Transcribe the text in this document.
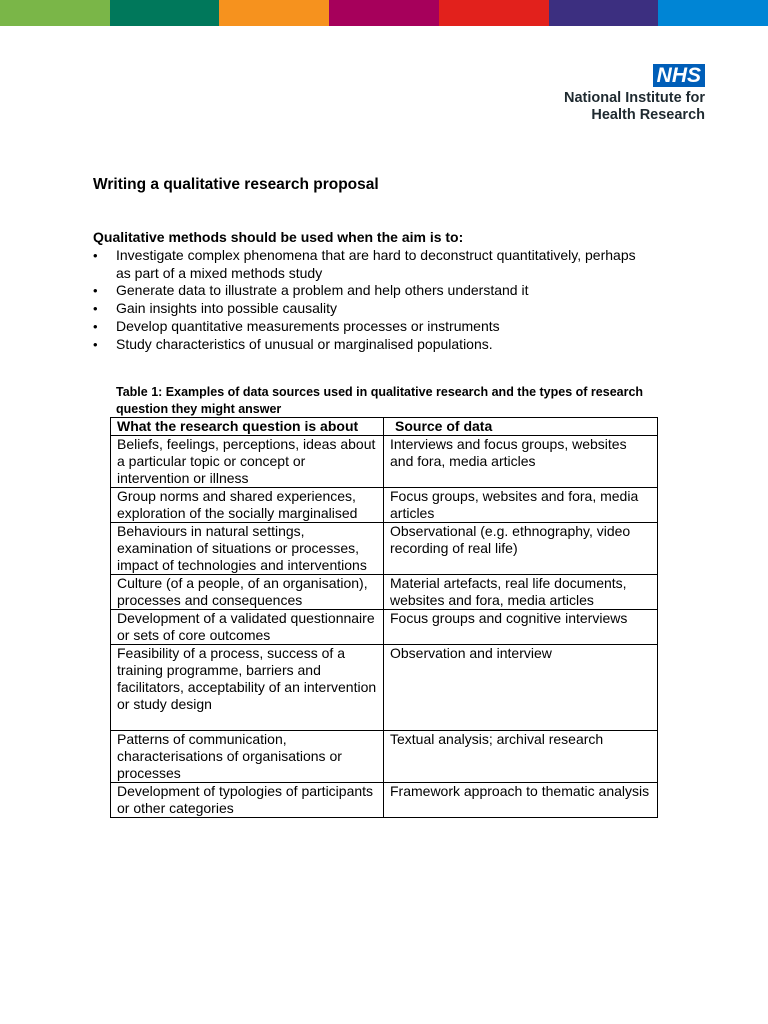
NHS
National Institute for
Health Research
Writing a qualitative research proposal
Qualitative methods should be used when the aim is to:
• Investigate complex phenomena that are hard to deconstruct quantitatively, perhaps as part of a mixed methods study
• Generate data to illustrate a problem and help others understand it
• Gain insights into possible causality
• Develop quantitative measurements processes or instruments
• Study characteristics of unusual or marginalised populations.
Table 1: Examples of data sources used in qualitative research and the types of research question they might answer
What the research question is about	Source of data
Beliefs, feelings, perceptions, ideas about a particular topic or concept or intervention or illness	Interviews and focus groups, websites and fora, media articles
Group norms and shared experiences, exploration of the socially marginalised	Focus groups, websites and fora, media articles
Behaviours in natural settings, examination of situations or processes, impact of technologies and interventions	Observational (e.g. ethnography, video recording of real life)
Culture (of a people, of an organisation), processes and consequences	Material artefacts, real life documents, websites and fora, media articles
Development of a validated questionnaire or sets of core outcomes	Focus groups and cognitive interviews
Feasibility of a process, success of a training programme, barriers and facilitators, acceptability of an intervention or study design	Observation and interview
Patterns of communication, characterisations of organisations or processes	Textual analysis; archival research
Development of typologies of participants or other categories	Framework approach to thematic analysis
